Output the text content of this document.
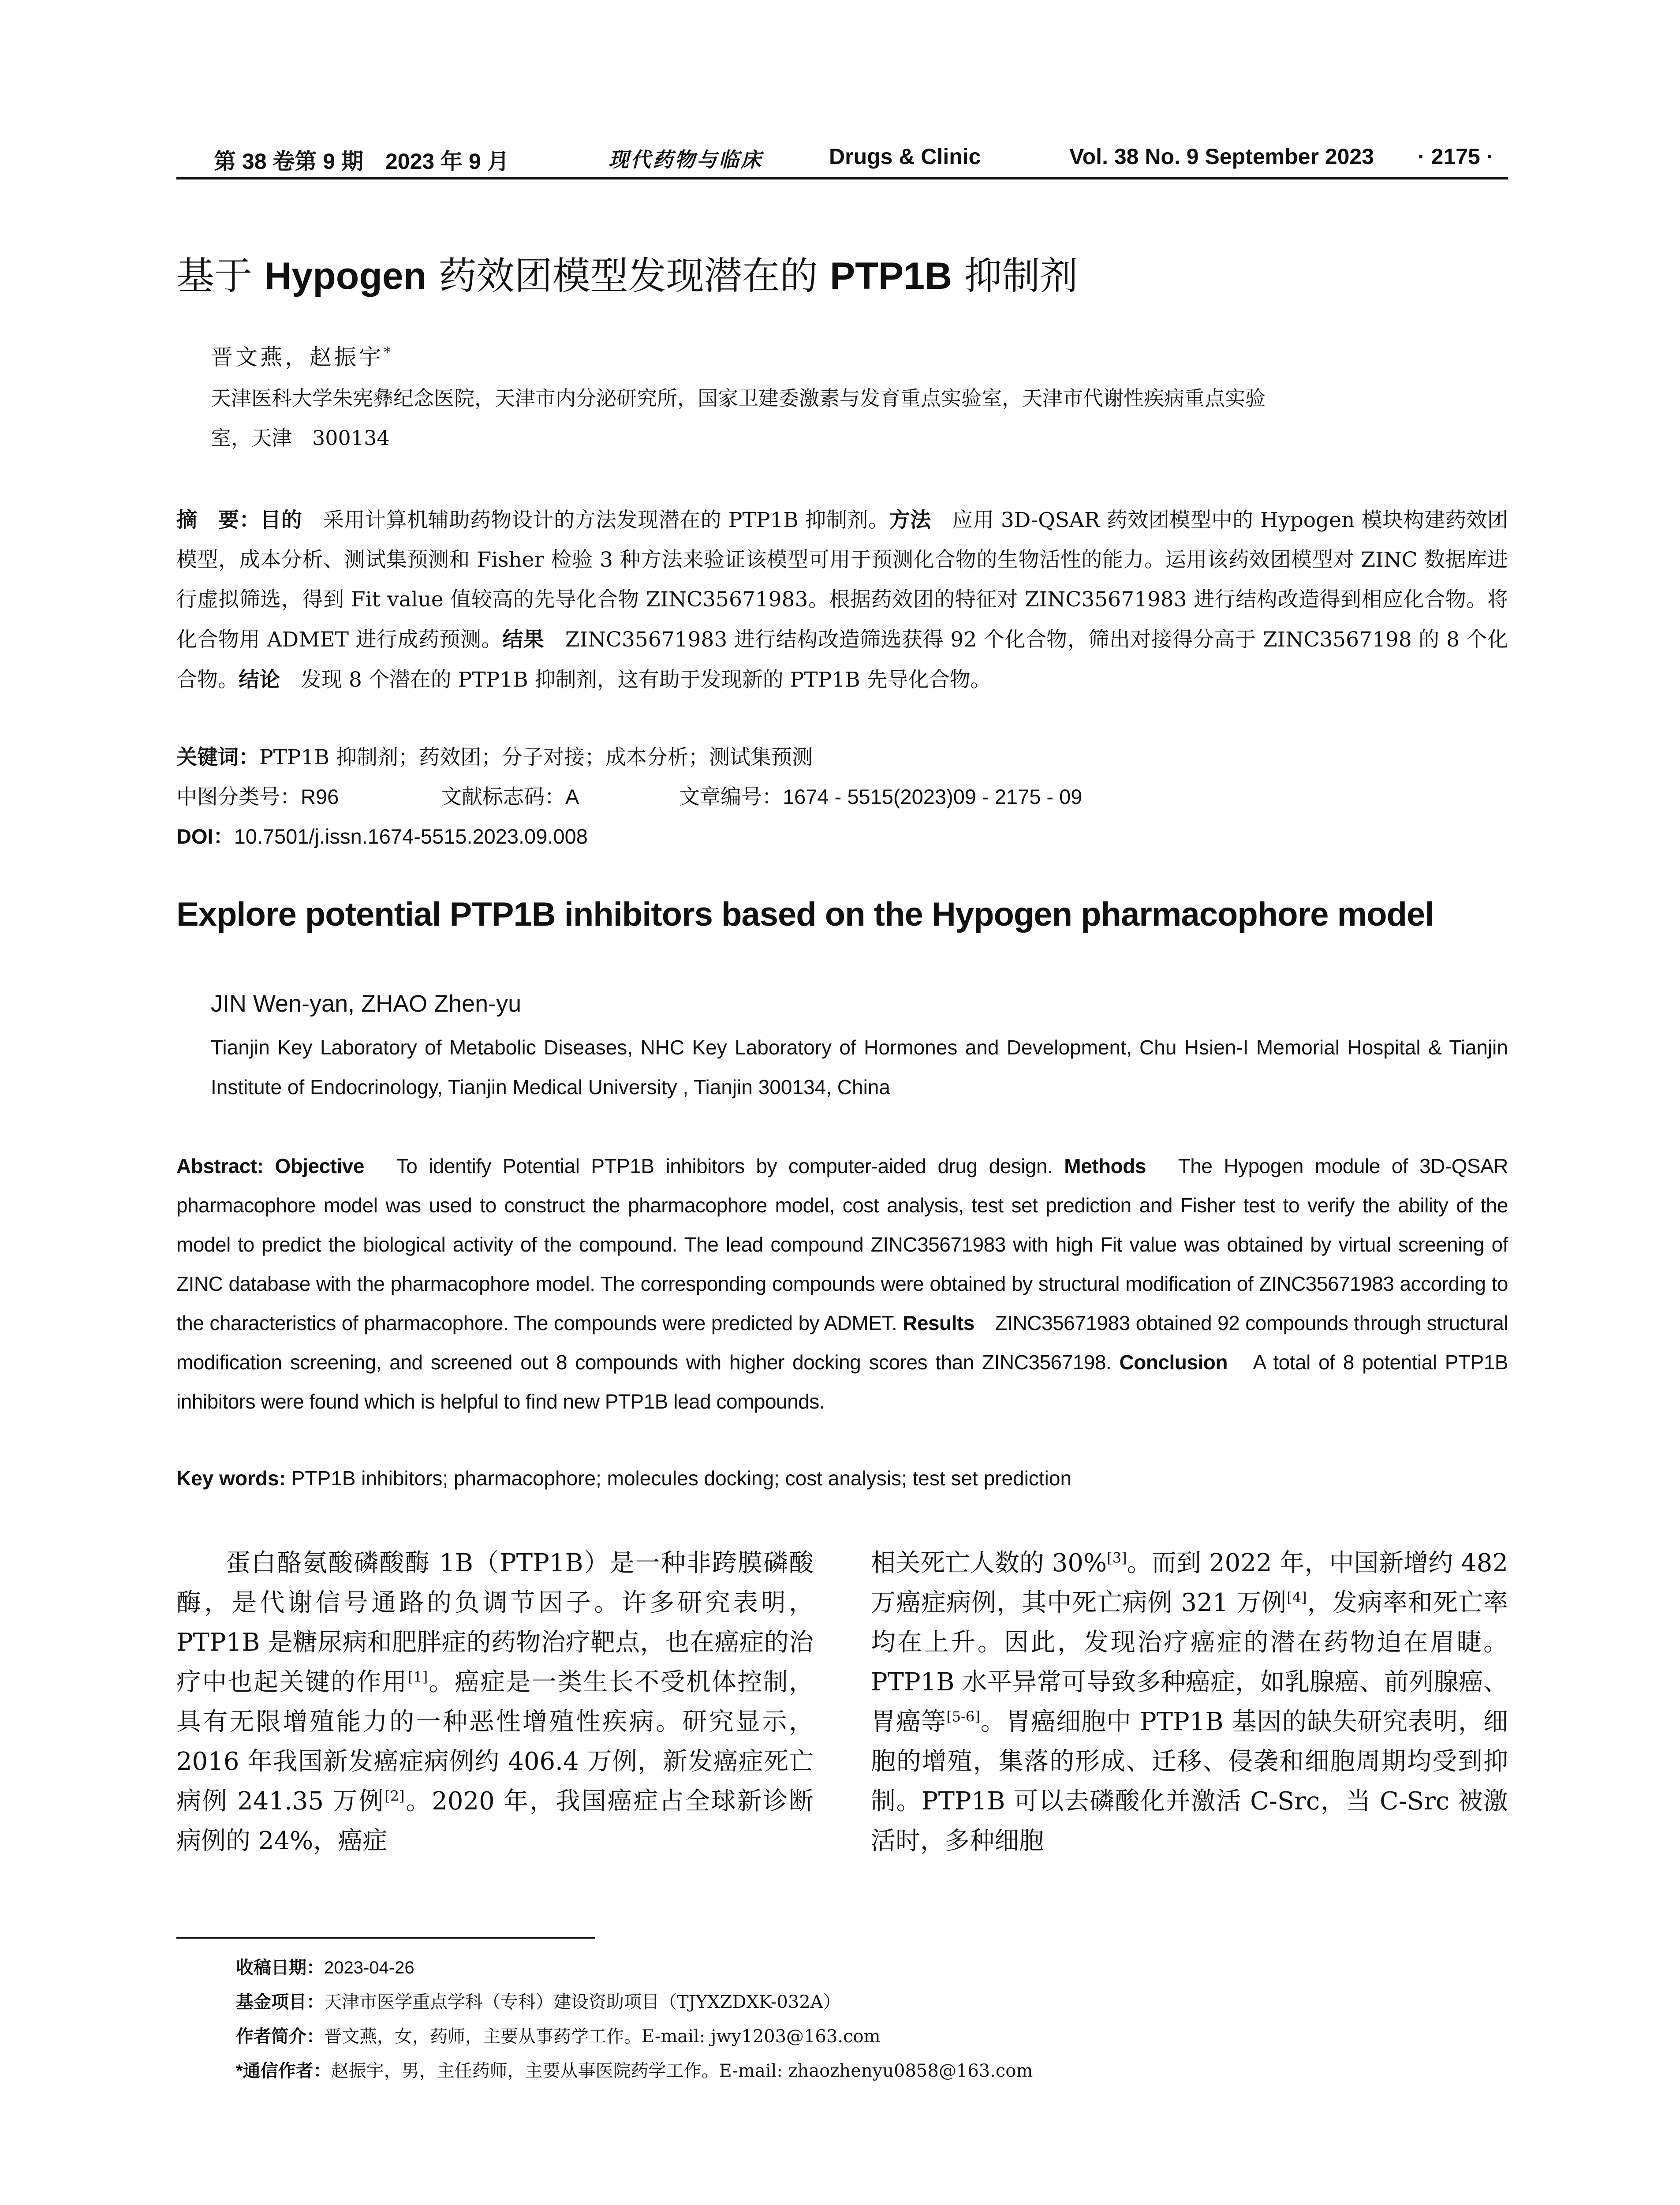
第 38 卷第 9 期　2023 年 9 月	现代药物与临床	Drugs & Clinic	Vol. 38 No. 9 September 2023 · 2175 ·
基于 Hypogen 药效团模型发现潜在的 PTP1B 抑制剂
晋文燕，赵振宇*
天津医科大学朱宪彝纪念医院，天津市内分泌研究所，国家卫建委激素与发育重点实验室，天津市代谢性疾病重点实验
室，天津　300134
摘　要：目的　采用计算机辅助药物设计的方法发现潜在的 PTP1B 抑制剂。方法　应用 3D-QSAR 药效团模型中的 Hypogen 模块构建药效团模型，成本分析、测试集预测和 Fisher 检验 3 种方法来验证该模型可用于预测化合物的生物活性的能力。运用该药效团模型对 ZINC 数据库进行虚拟筛选，得到 Fit value 值较高的先导化合物 ZINC35671983。根据药效团的特征对 ZINC35671983 进行结构改造得到相应化合物。将化合物用 ADMET 进行成药预测。结果　ZINC35671983 进行结构改造筛选获得 92 个化合物，筛出对接得分高于 ZINC3567198 的 8 个化合物。结论　发现 8 个潜在的 PTP1B 抑制剂，这有助于发现新的 PTP1B 先导化合物。
关键词：PTP1B 抑制剂；药效团；分子对接；成本分析；测试集预测
中图分类号：R96	文献标志码：A	文章编号：1674 - 5515(2023)09 - 2175 - 09
DOI：10.7501/j.issn.1674-5515.2023.09.008
Explore potential PTP1B inhibitors based on the Hypogen pharmacophore model
JIN Wen-yan, ZHAO Zhen-yu
Tianjin Key Laboratory of Metabolic Diseases, NHC Key Laboratory of Hormones and Development, Chu Hsien-I Memorial Hospital & Tianjin Institute of Endocrinology, Tianjin Medical University , Tianjin 300134, China
Abstract: Objective　To identify Potential PTP1B inhibitors by computer-aided drug design. Methods　The Hypogen module of 3D-QSAR pharmacophore model was used to construct the pharmacophore model, cost analysis, test set prediction and Fisher test to verify the ability of the model to predict the biological activity of the compound. The lead compound ZINC35671983 with high Fit value was obtained by virtual screening of ZINC database with the pharmacophore model. The corresponding compounds were obtained by structural modification of ZINC35671983 according to the characteristics of pharmacophore. The compounds were predicted by ADMET. Results　ZINC35671983 obtained 92 compounds through structural modification screening, and screened out 8 compounds with higher docking scores than ZINC3567198. Conclusion　A total of 8 potential PTP1B inhibitors were found which is helpful to find new PTP1B lead compounds.
Key words: PTP1B inhibitors; pharmacophore; molecules docking; cost analysis; test set prediction
蛋白酪氨酸磷酸酶 1B（PTP1B）是一种非跨膜磷酸酶，是代谢信号通路的负调节因子。许多研究表明，PTP1B 是糖尿病和肥胖症的药物治疗靶点，也在癌症的治疗中也起关键的作用[1]。癌症是一类生长不受机体控制，具有无限增殖能力的一种恶性增殖性疾病。研究显示，2016 年我国新发癌症病例约 406.4 万例，新发癌症死亡病例 241.35 万例[2]。2020 年，我国癌症占全球新诊断病例的 24%，癌症
相关死亡人数的 30%[3]。而到 2022 年，中国新增约 482 万癌症病例，其中死亡病例 321 万例[4]，发病率和死亡率均在上升。因此，发现治疗癌症的潜在药物迫在眉睫。PTP1B 水平异常可导致多种癌症，如乳腺癌、前列腺癌、胃癌等[5-6]。胃癌细胞中 PTP1B 基因的缺失研究表明，细胞的增殖，集落的形成、迁移、侵袭和细胞周期均受到抑制。PTP1B 可以去磷酸化并激活 C-Src，当 C-Src 被激活时，多种细胞
收稿日期：2023-04-26
基金项目：天津市医学重点学科（专科）建设资助项目（TJYXZDXK-032A）
作者简介：晋文燕，女，药师，主要从事药学工作。E-mail: jwy1203@163.com
*通信作者：赵振宇，男，主任药师，主要从事医院药学工作。E-mail: zhaozhenyu0858@163.com
